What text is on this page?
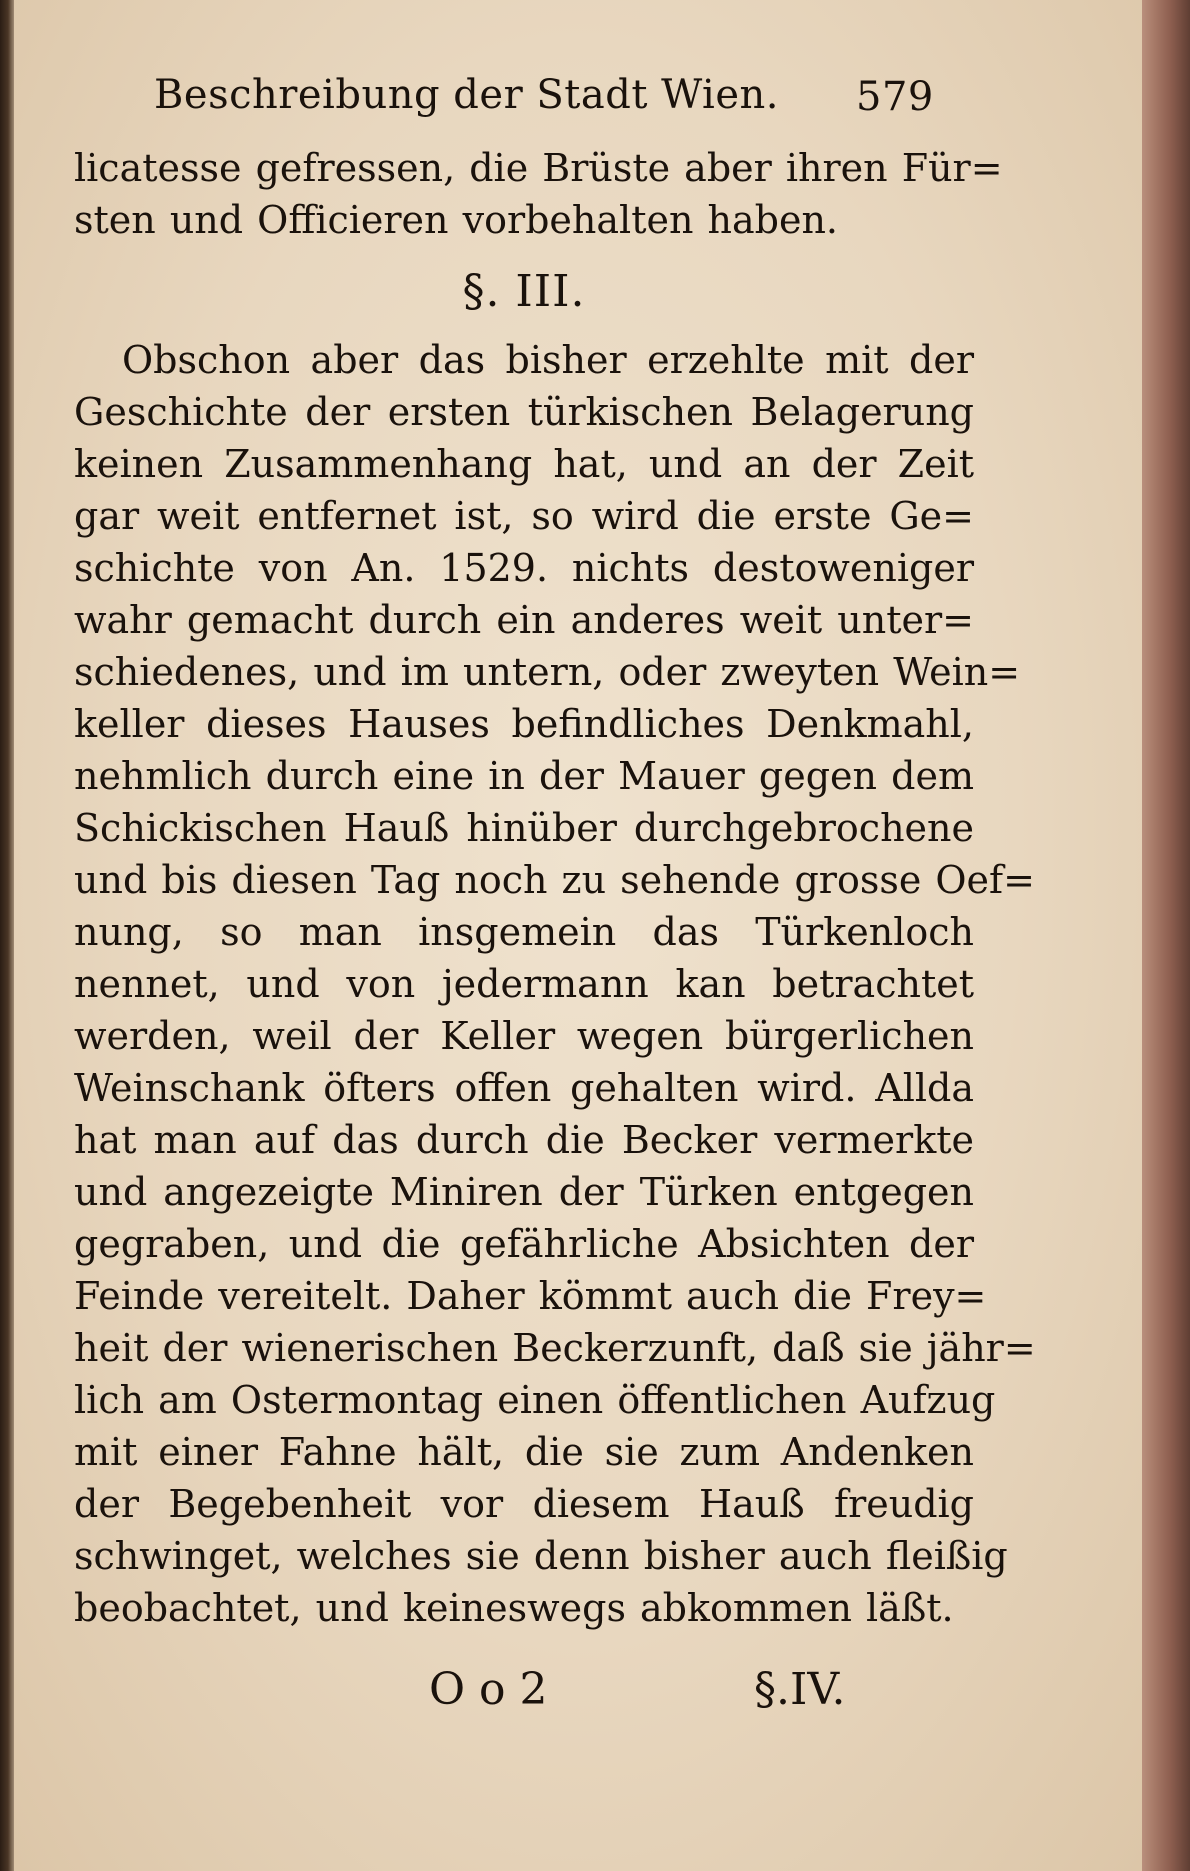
Beschreibung der Stadt Wien. 579
licatesse gefressen, die Brüste aber ihren Für=
sten und Officieren vorbehalten haben.
§. III.
Obschon aber das bisher erzehlte mit der
Geschichte der ersten türkischen Belagerung
keinen Zusammenhang hat, und an der Zeit
gar weit entfernet ist, so wird die erste Ge=
schichte von An. 1529. nichts destoweniger
wahr gemacht durch ein anderes weit unter=
schiedenes, und im untern, oder zweyten Wein=
keller dieses Hauses befindliches Denkmahl,
nehmlich durch eine in der Mauer gegen dem
Schickischen Hauß hinüber durchgebrochene
und bis diesen Tag noch zu sehende grosse Oef=
nung, so man insgemein das Türkenloch
nennet, und von jedermann kan betrachtet
werden, weil der Keller wegen bürgerlichen
Weinschank öfters offen gehalten wird. Allda
hat man auf das durch die Becker vermerkte
und angezeigte Miniren der Türken entgegen
gegraben, und die gefährliche Absichten der
Feinde vereitelt. Daher kömmt auch die Frey=
heit der wienerischen Beckerzunft, daß sie jähr=
lich am Ostermontag einen öffentlichen Aufzug
mit einer Fahne hält, die sie zum Andenken
der Begebenheit vor diesem Hauß freudig
schwinget, welches sie denn bisher auch fleißig
beobachtet, und keineswegs abkommen läßt.
O o 2	§.IV.
